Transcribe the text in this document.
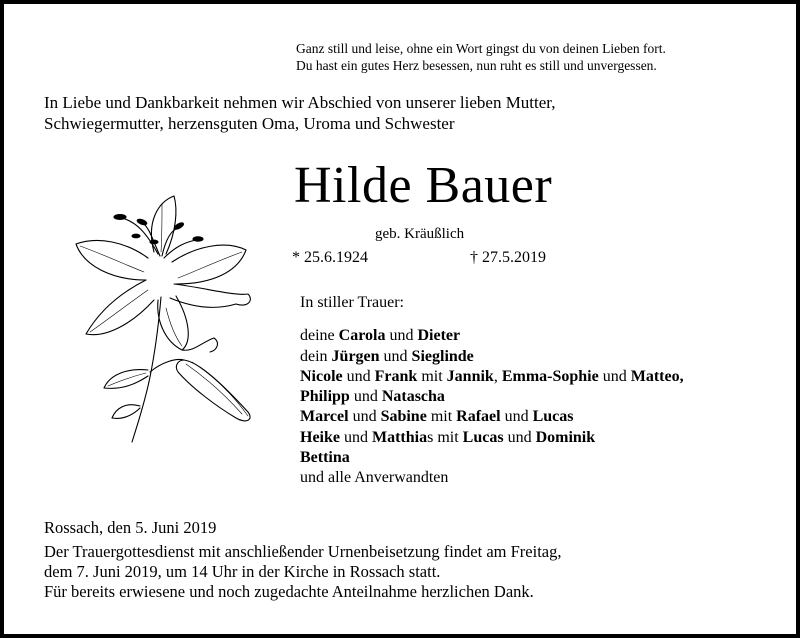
Ganz still und leise, ohne ein Wort gingst du von deinen Lieben fort.
Du hast ein gutes Herz besessen, nun ruht es still und unvergessen.
In Liebe und Dankbarkeit nehmen wir Abschied von unserer lieben Mutter,
Schwiegermutter, herzensguten Oma, Uroma und Schwester
Hilde Bauer
geb. Kräußlich
* 25.6.1924	† 27.5.2019
In stiller Trauer:
deine Carola und Dieter
dein Jürgen und Sieglinde
Nicole und Frank mit Jannik, Emma-Sophie und Matteo,
Philipp und Natascha
Marcel und Sabine mit Rafael und Lucas
Heike und Matthias mit Lucas und Dominik
Bettina
und alle Anverwandten
Rossach, den 5. Juni 2019
Der Trauergottesdienst mit anschließender Urnenbeisetzung findet am Freitag,
dem 7. Juni 2019, um 14 Uhr in der Kirche in Rossach statt.
Für bereits erwiesene und noch zugedachte Anteilnahme herzlichen Dank.
